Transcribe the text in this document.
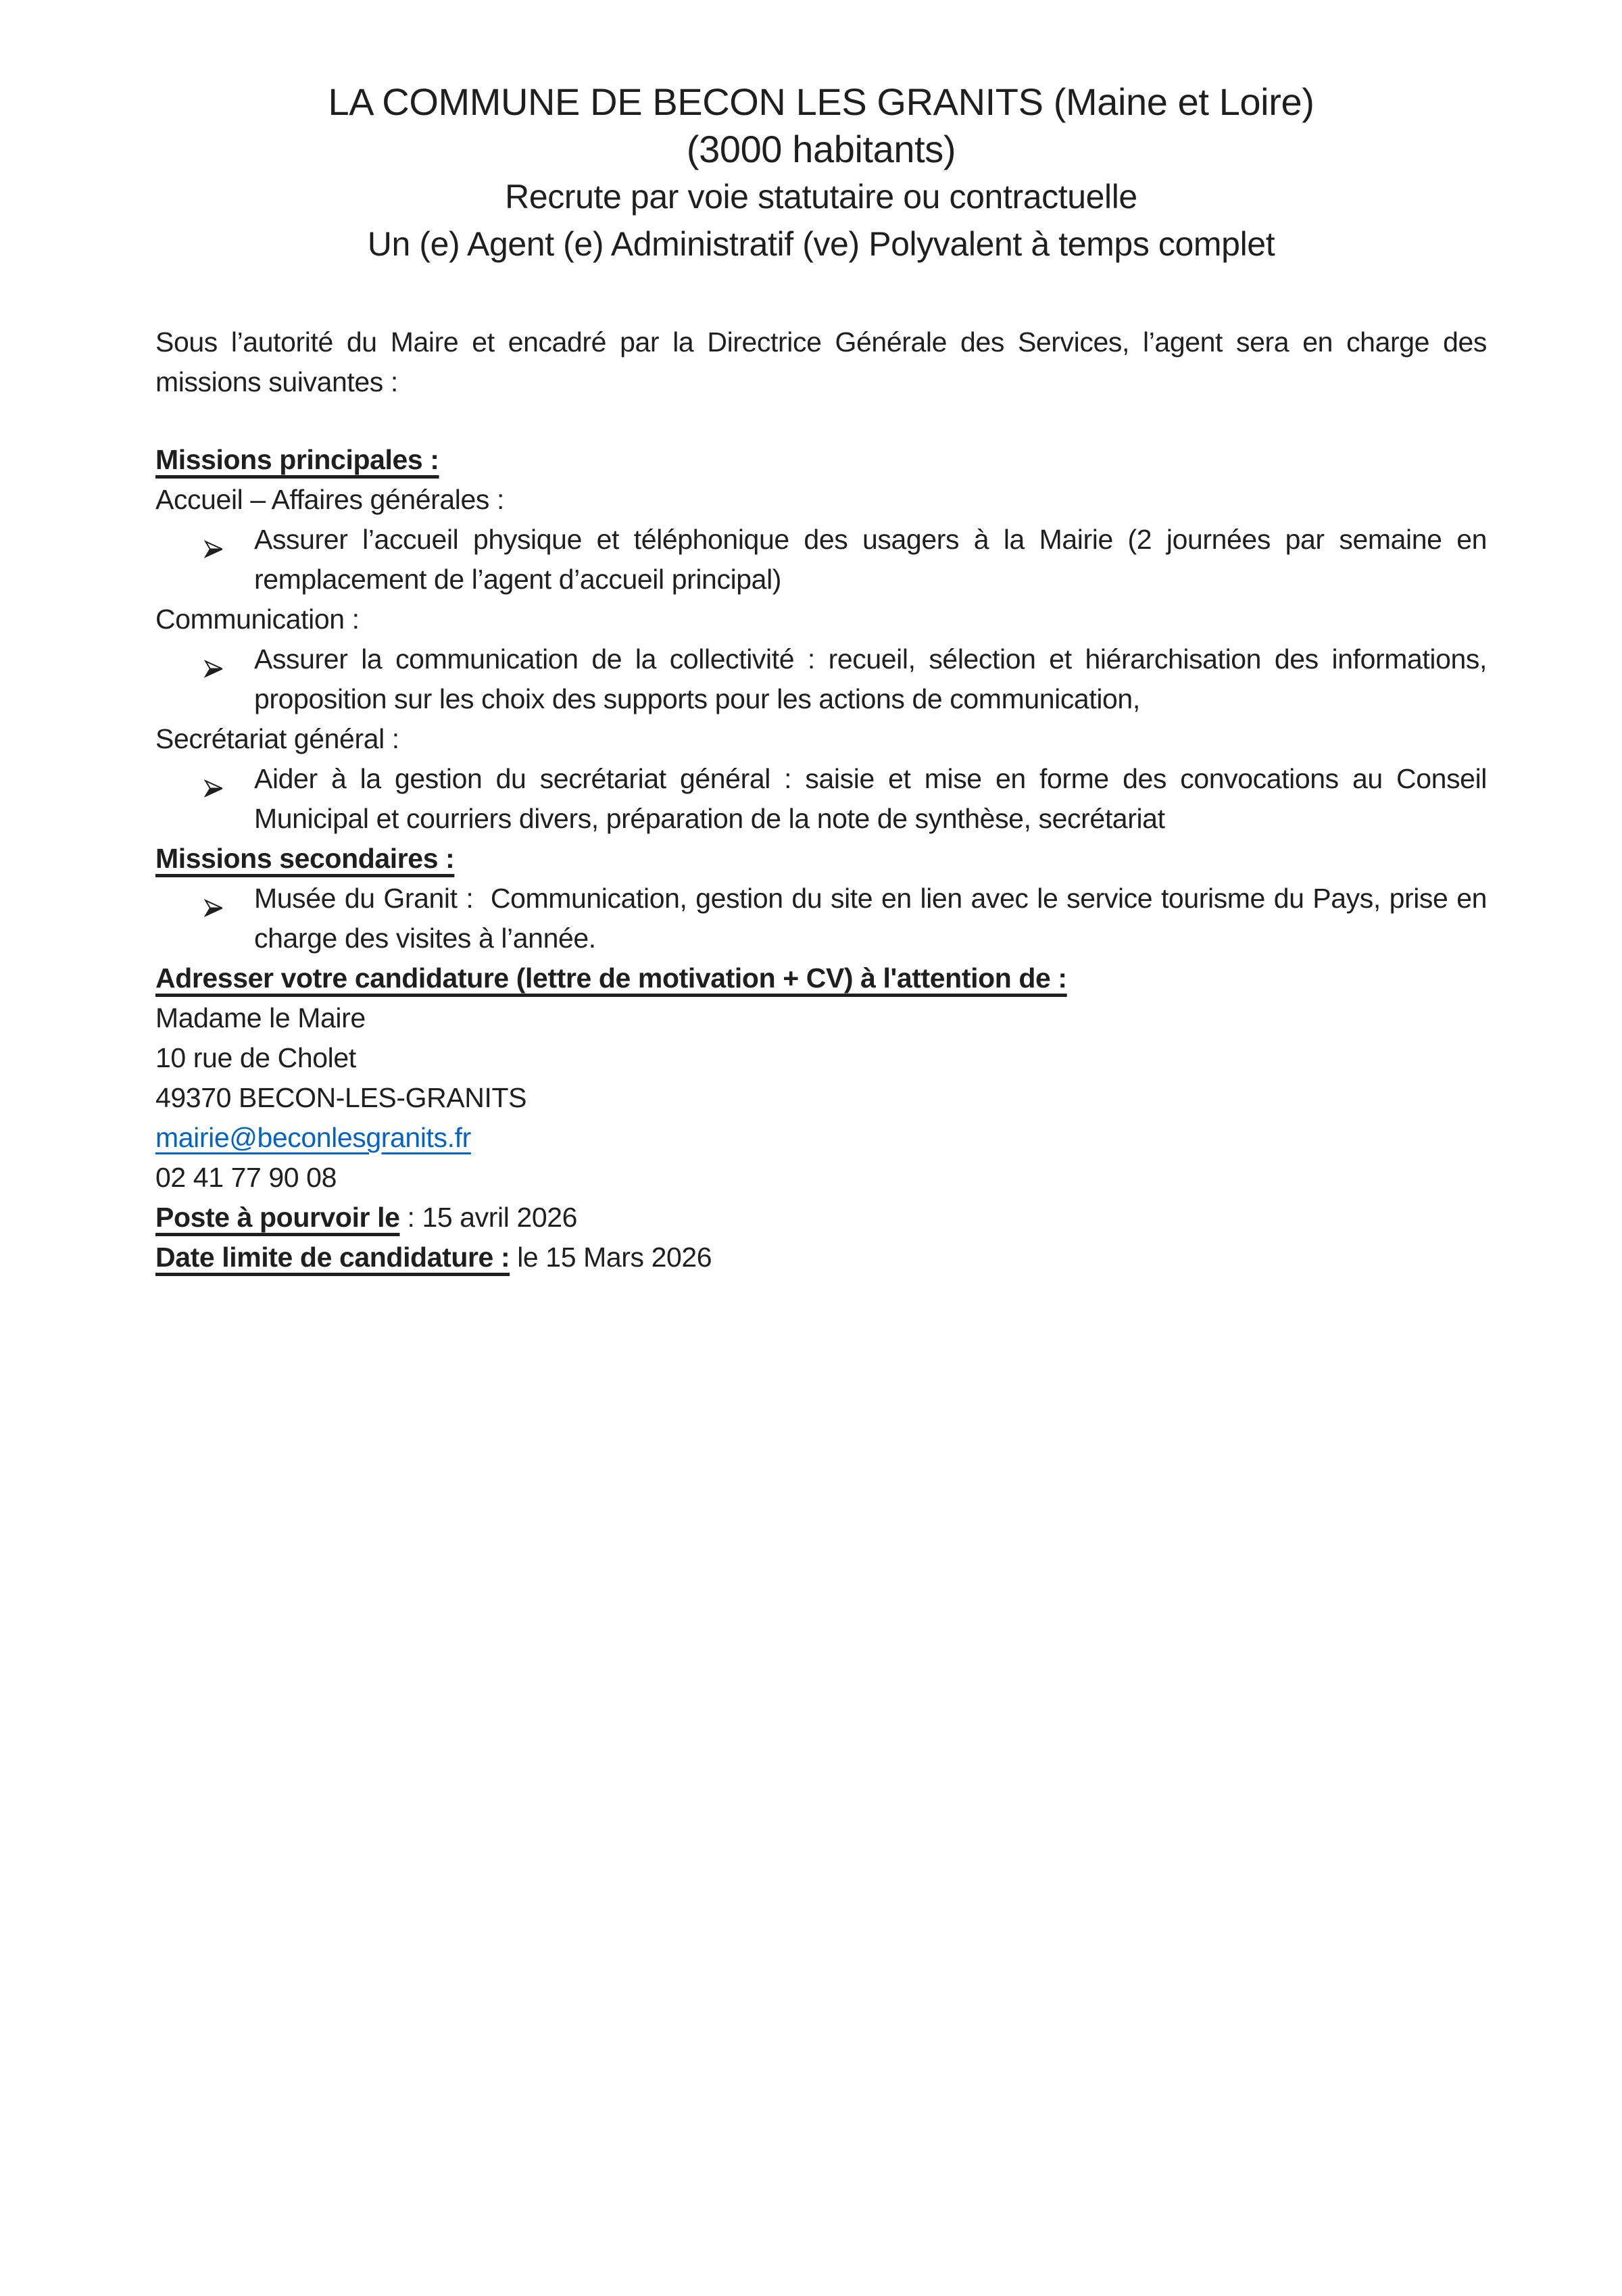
LA COMMUNE DE BECON LES GRANITS (Maine et Loire)
(3000 habitants)
Recrute par voie statutaire ou contractuelle
Un (e) Agent (e) Administratif (ve) Polyvalent à temps complet

Sous l’autorité du Maire et encadré par la Directrice Générale des Services, l’agent sera en charge des missions suivantes :

Missions principales :

Accueil – Affaires générales :

Assurer l’accueil physique et téléphonique des usagers à la Mairie (2 journées par semaine en remplacement de l’agent d’accueil principal)

Communication :

Assurer la communication de la collectivité : recueil, sélection et hiérarchisation des informations, proposition sur les choix des supports pour les actions de communication,

Secrétariat général :

Aider à la gestion du secrétariat général : saisie et mise en forme des convocations au Conseil Municipal et courriers divers, préparation de la note de synthèse, secrétariat

Missions secondaires :

Musée du Granit :  Communication, gestion du site en lien avec le service tourisme du Pays, prise en charge des visites à l’année.

Adresser votre candidature (lettre de motivation + CV) à l'attention de :

Madame le Maire

10 rue de Cholet

49370 BECON-LES-GRANITS

mairie@beconlesgranits.fr

02 41 77 90 08

Poste à pourvoir le : 15 avril 2026

Date limite de candidature : le 15 Mars 2026
